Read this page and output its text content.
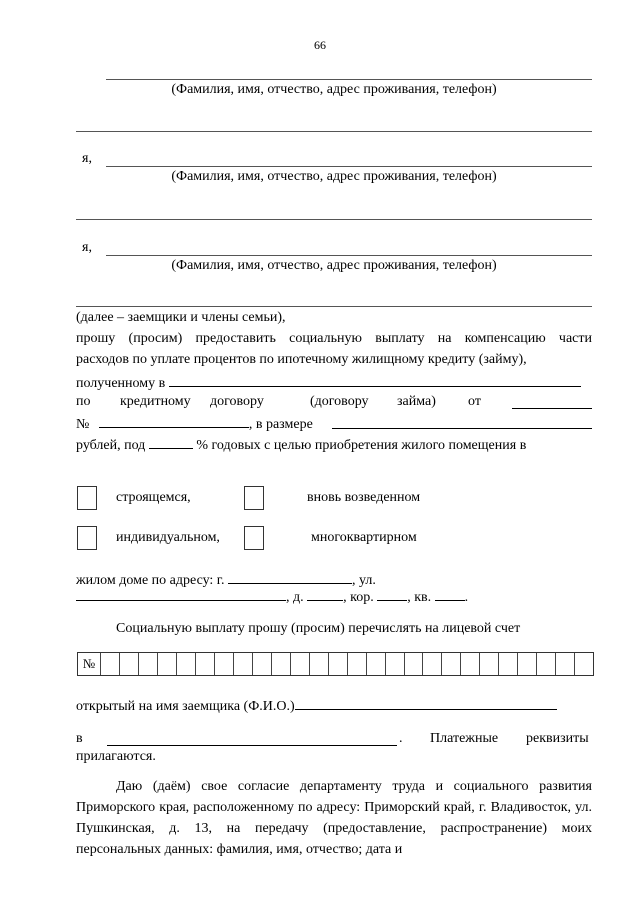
66
(Фамилия, имя, отчество, адрес проживания, телефон)
я,
(Фамилия, имя, отчество, адрес проживания, телефон)
я,
(Фамилия, имя, отчество, адрес проживания, телефон)
(далее – заемщики и члены семьи),
прошу (просим) предоставить социальную выплату на компенсацию части
расходов по уплате процентов по ипотечному жилищному кредиту (займу),
полученному в
по кредитному договору	(договору займа) от
№	, в размере
рублей, под	% годовых с целью приобретения жилого помещения в
строящемся,	вновь возведенном
индивидуальном,	многоквартирном
жилом доме по адресу: г.	, ул.
, д.	, кор. , кв. .
Социальную выплату прошу (просим) перечислять на лицевой счет
№
открытый на имя заемщика (Ф.И.О.)
в	. Платежные реквизиты
прилагаются.

Даю (даём) свое согласие департаменту труда и социального развития Приморского края, расположенному по адресу: Приморский край, г. Владивосток, ул. Пушкинская, д. 13, на передачу (предоставление, распространение) моих персональных данных: фамилия, имя, отчество; дата и
